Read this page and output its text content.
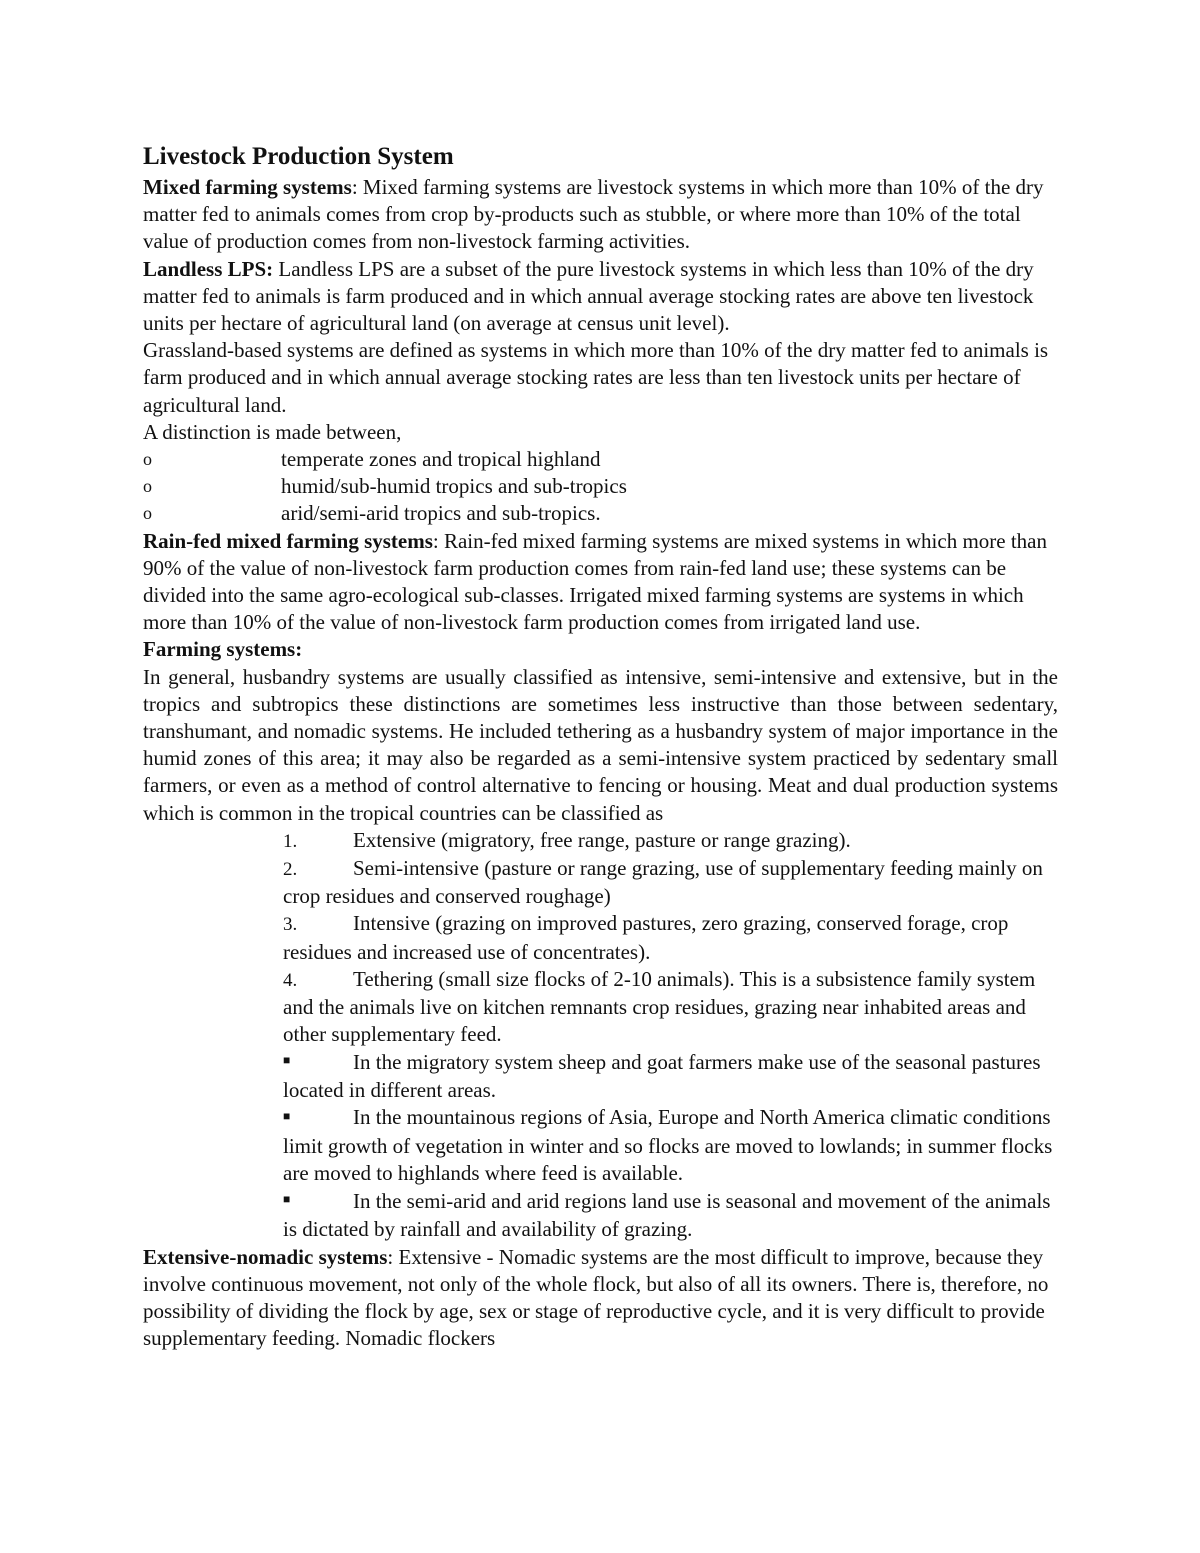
Livestock Production System

Mixed farming systems: Mixed farming systems are livestock systems in which more than 10% of the dry matter fed to animals comes from crop by-products such as stubble, or where more than 10% of the total value of production comes from non-livestock farming activities.

Landless LPS: Landless LPS are a subset of the pure livestock systems in which less than 10% of the dry matter fed to animals is farm produced and in which annual average stocking rates are above ten livestock units per hectare of agricultural land (on average at census unit level).

Grassland-based systems are defined as systems in which more than 10% of the dry matter fed to animals is farm produced and in which annual average stocking rates are less than ten livestock units per hectare of agricultural land.

A distinction is made between,

o	temperate zones and tropical highland
o	humid/sub-humid tropics and sub-tropics
o	arid/semi-arid tropics and sub-tropics.

Rain-fed mixed farming systems: Rain-fed mixed farming systems are mixed systems in which more than 90% of the value of non-livestock farm production comes from rain-fed land use; these systems can be divided into the same agro-ecological sub-classes. Irrigated mixed farming systems are systems in which more than 10% of the value of non-livestock farm production comes from irrigated land use.

Farming systems:

In general, husbandry systems are usually classified as intensive, semi-intensive and extensive, but in the tropics and subtropics these distinctions are sometimes less instructive than those between sedentary, transhumant, and nomadic systems. He included tethering as a husbandry system of major importance in the humid zones of this area; it may also be regarded as a semi-intensive system practiced by sedentary small farmers, or even as a method of control alternative to fencing or housing. Meat and dual production systems which is common in the tropical countries can be classified as

1.	Extensive (migratory, free range, pasture or range grazing).
2.	Semi-intensive (pasture or range grazing, use of supplementary feeding mainly on crop residues and conserved roughage)
3.	Intensive (grazing on improved pastures, zero grazing, conserved forage, crop residues and increased use of concentrates).
4.	Tethering (small size flocks of 2-10 animals). This is a subsistence family system and the animals live on kitchen remnants crop residues, grazing near inhabited areas and other supplementary feed.
■	In the migratory system sheep and goat farmers make use of the seasonal pastures located in different areas.
■	In the mountainous regions of Asia, Europe and North America climatic conditions limit growth of vegetation in winter and so flocks are moved to lowlands; in summer flocks are moved to highlands where feed is available.
■	In the semi-arid and arid regions land use is seasonal and movement of the animals is dictated by rainfall and availability of grazing.

Extensive-nomadic systems: Extensive - Nomadic systems are the most difficult to improve, because they involve continuous movement, not only of the whole flock, but also of all its owners. There is, therefore, no possibility of dividing the flock by age, sex or stage of reproductive cycle, and it is very difficult to provide supplementary feeding. Nomadic flockers
